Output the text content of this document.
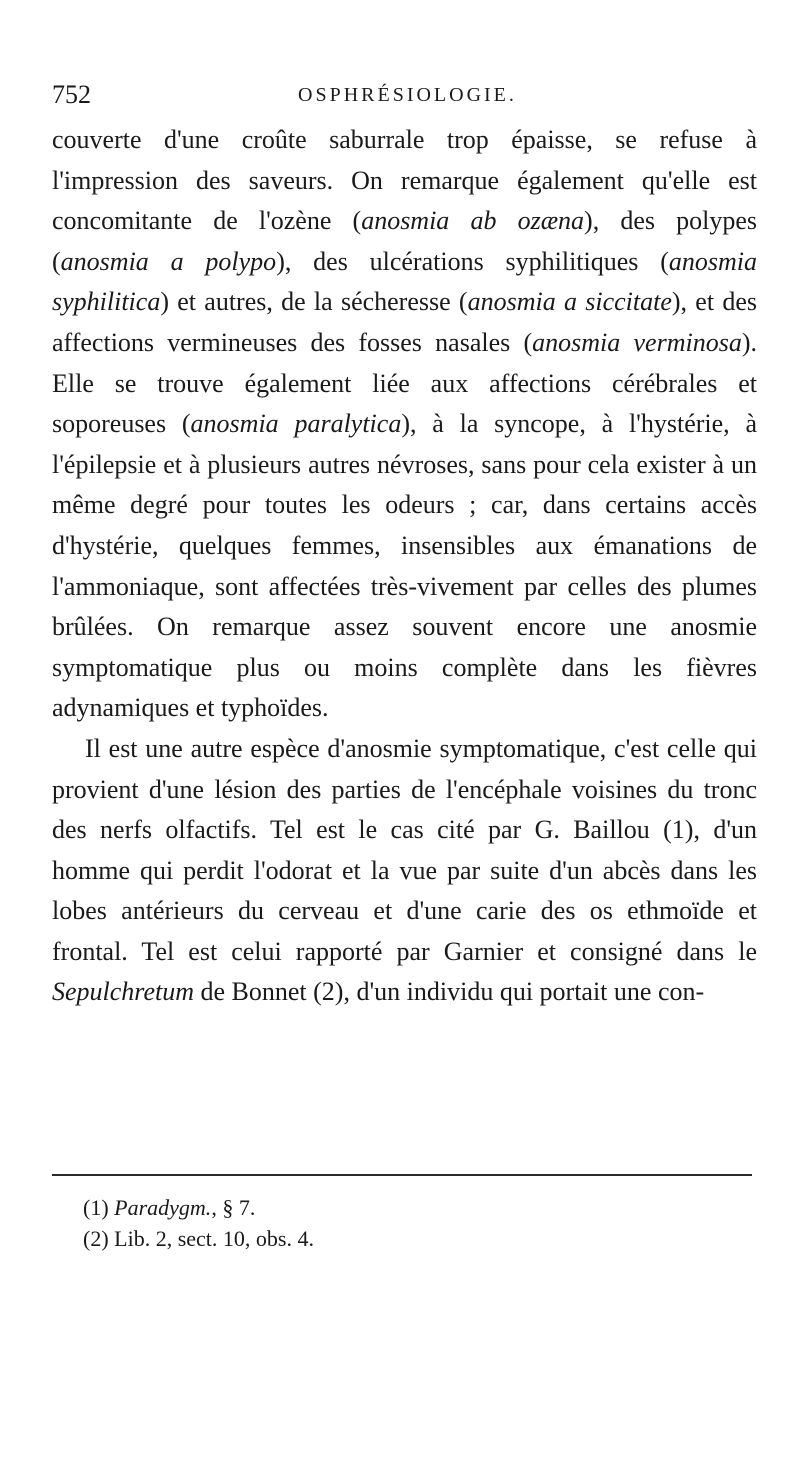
752	OSPHRÉSIOLOGIE.

couverte d'une croûte saburrale trop épaisse, se refuse à l'impression des saveurs. On remarque également qu'elle est concomitante de l'ozène (anosmia ab ozæna), des polypes (anosmia a polypo), des ulcérations syphilitiques (anosmia syphilitica) et autres, de la sécheresse (anosmia a siccitate), et des affections vermineuses des fosses nasales (anosmia verminosa). Elle se trouve également liée aux affections cérébrales et soporeuses (anosmia paralytica), à la syncope, à l'hystérie, à l'épilepsie et à plusieurs autres névroses, sans pour cela exister à un même degré pour toutes les odeurs ; car, dans certains accès d'hystérie, quelques femmes, insensibles aux émanations de l'ammoniaque, sont affectées très-vivement par celles des plumes brûlées. On remarque assez souvent encore une anosmie symptomatique plus ou moins complète dans les fièvres adynamiques et typhoïdes.

Il est une autre espèce d'anosmie symptomatique, c'est celle qui provient d'une lésion des parties de l'encéphale voisines du tronc des nerfs olfactifs. Tel est le cas cité par G. Baillou (1), d'un homme qui perdit l'odorat et la vue par suite d'un abcès dans les lobes antérieurs du cerveau et d'une carie des os ethmoïde et frontal. Tel est celui rapporté par Garnier et consigné dans le Sepulchretum de Bonnet (2), d'un individu qui portait une con-

(1) Paradygm., § 7.
(2) Lib. 2, sect. 10, obs. 4.
